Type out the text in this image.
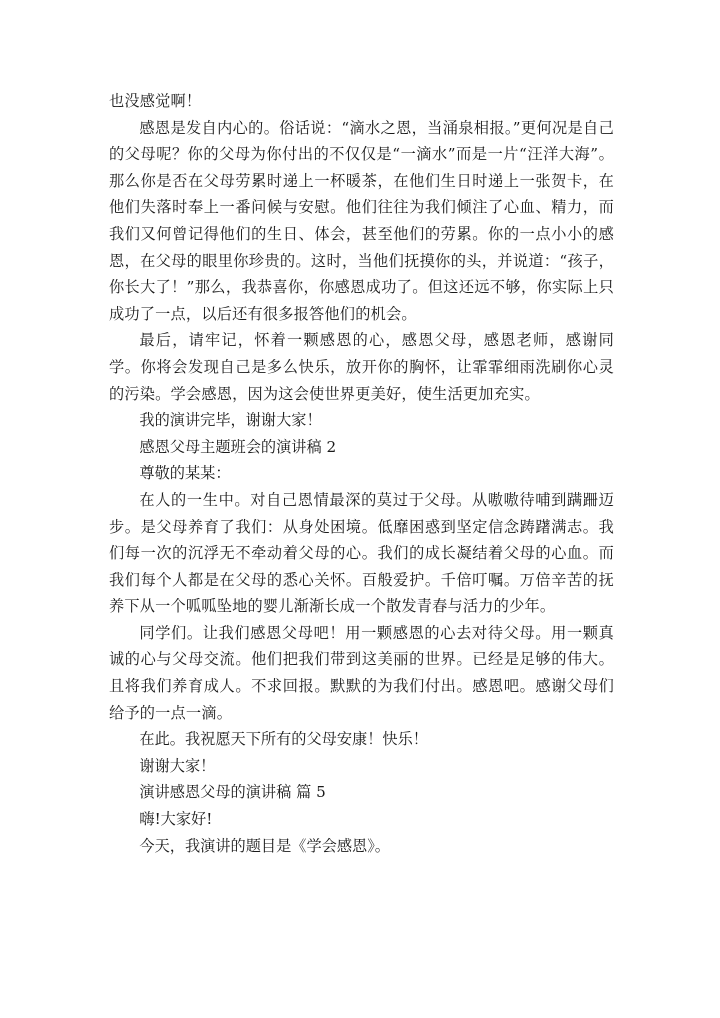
也没感觉啊！

感恩是发自内心的。俗话说：“滴水之恩，当涌泉相报。”更何况是自己的父母呢？你的父母为你付出的不仅仅是“一滴水”而是一片“汪洋大海”。那么你是否在父母劳累时递上一杯暖茶，在他们生日时递上一张贺卡，在他们失落时奉上一番问候与安慰。他们往往为我们倾注了心血、精力，而我们又何曾记得他们的生日、体会，甚至他们的劳累。你的一点小小的感恩，在父母的眼里你珍贵的。这时，当他们抚摸你的头，并说道：“孩子，你长大了！”那么，我恭喜你，你感恩成功了。但这还远不够，你实际上只成功了一点，以后还有很多报答他们的机会。

最后，请牢记，怀着一颗感恩的心，感恩父母，感恩老师，感谢同学。你将会发现自己是多么快乐，放开你的胸怀，让霏霏细雨洗刷你心灵的污染。学会感恩，因为这会使世界更美好，使生活更加充实。

我的演讲完毕，谢谢大家！

感恩父母主题班会的演讲稿 2

尊敬的某某：

在人的一生中。对自己恩情最深的莫过于父母。从嗷嗷待哺到蹒跚迈步。是父母养育了我们：从身处困境。低靡困惑到坚定信念踌躇满志。我们每一次的沉浮无不牵动着父母的心。我们的成长凝结着父母的心血。而我们每个人都是在父母的悉心关怀。百般爱护。千倍叮嘱。万倍辛苦的抚养下从一个呱呱坠地的婴儿渐渐长成一个散发青春与活力的少年。

同学们。让我们感恩父母吧！用一颗感恩的心去对待父母。用一颗真诚的心与父母交流。他们把我们带到这美丽的世界。已经是足够的伟大。且将我们养育成人。不求回报。默默的为我们付出。感恩吧。感谢父母们给予的一点一滴。

在此。我祝愿天下所有的父母安康！快乐！

谢谢大家！

演讲感恩父母的演讲稿 篇 5

嗨!大家好!

今天，我演讲的题目是《学会感恩》。
